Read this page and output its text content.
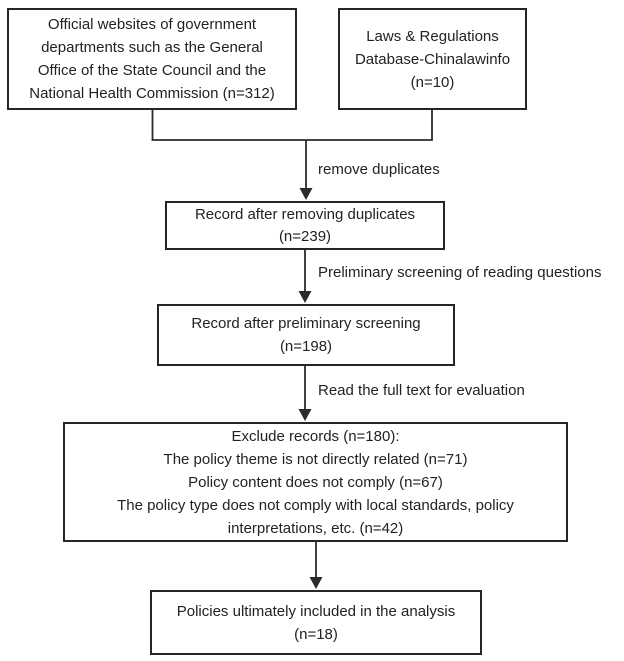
Official websites of government
departments such as the General
Office of the State Council and the
National Health Commission (n=312)
Laws & Regulations
Database-Chinalawinfo
(n=10)
Record after removing duplicates
(n=239)
Record after preliminary screening
(n=198)
Exclude records (n=180):
The policy theme is not directly related (n=71)
Policy content does not comply (n=67)
The policy type does not comply with local standards, policy
interpretations, etc. (n=42)
Policies ultimately included in the analysis
(n=18)
remove duplicates
Preliminary screening of reading questions
Read the full text for evaluation
